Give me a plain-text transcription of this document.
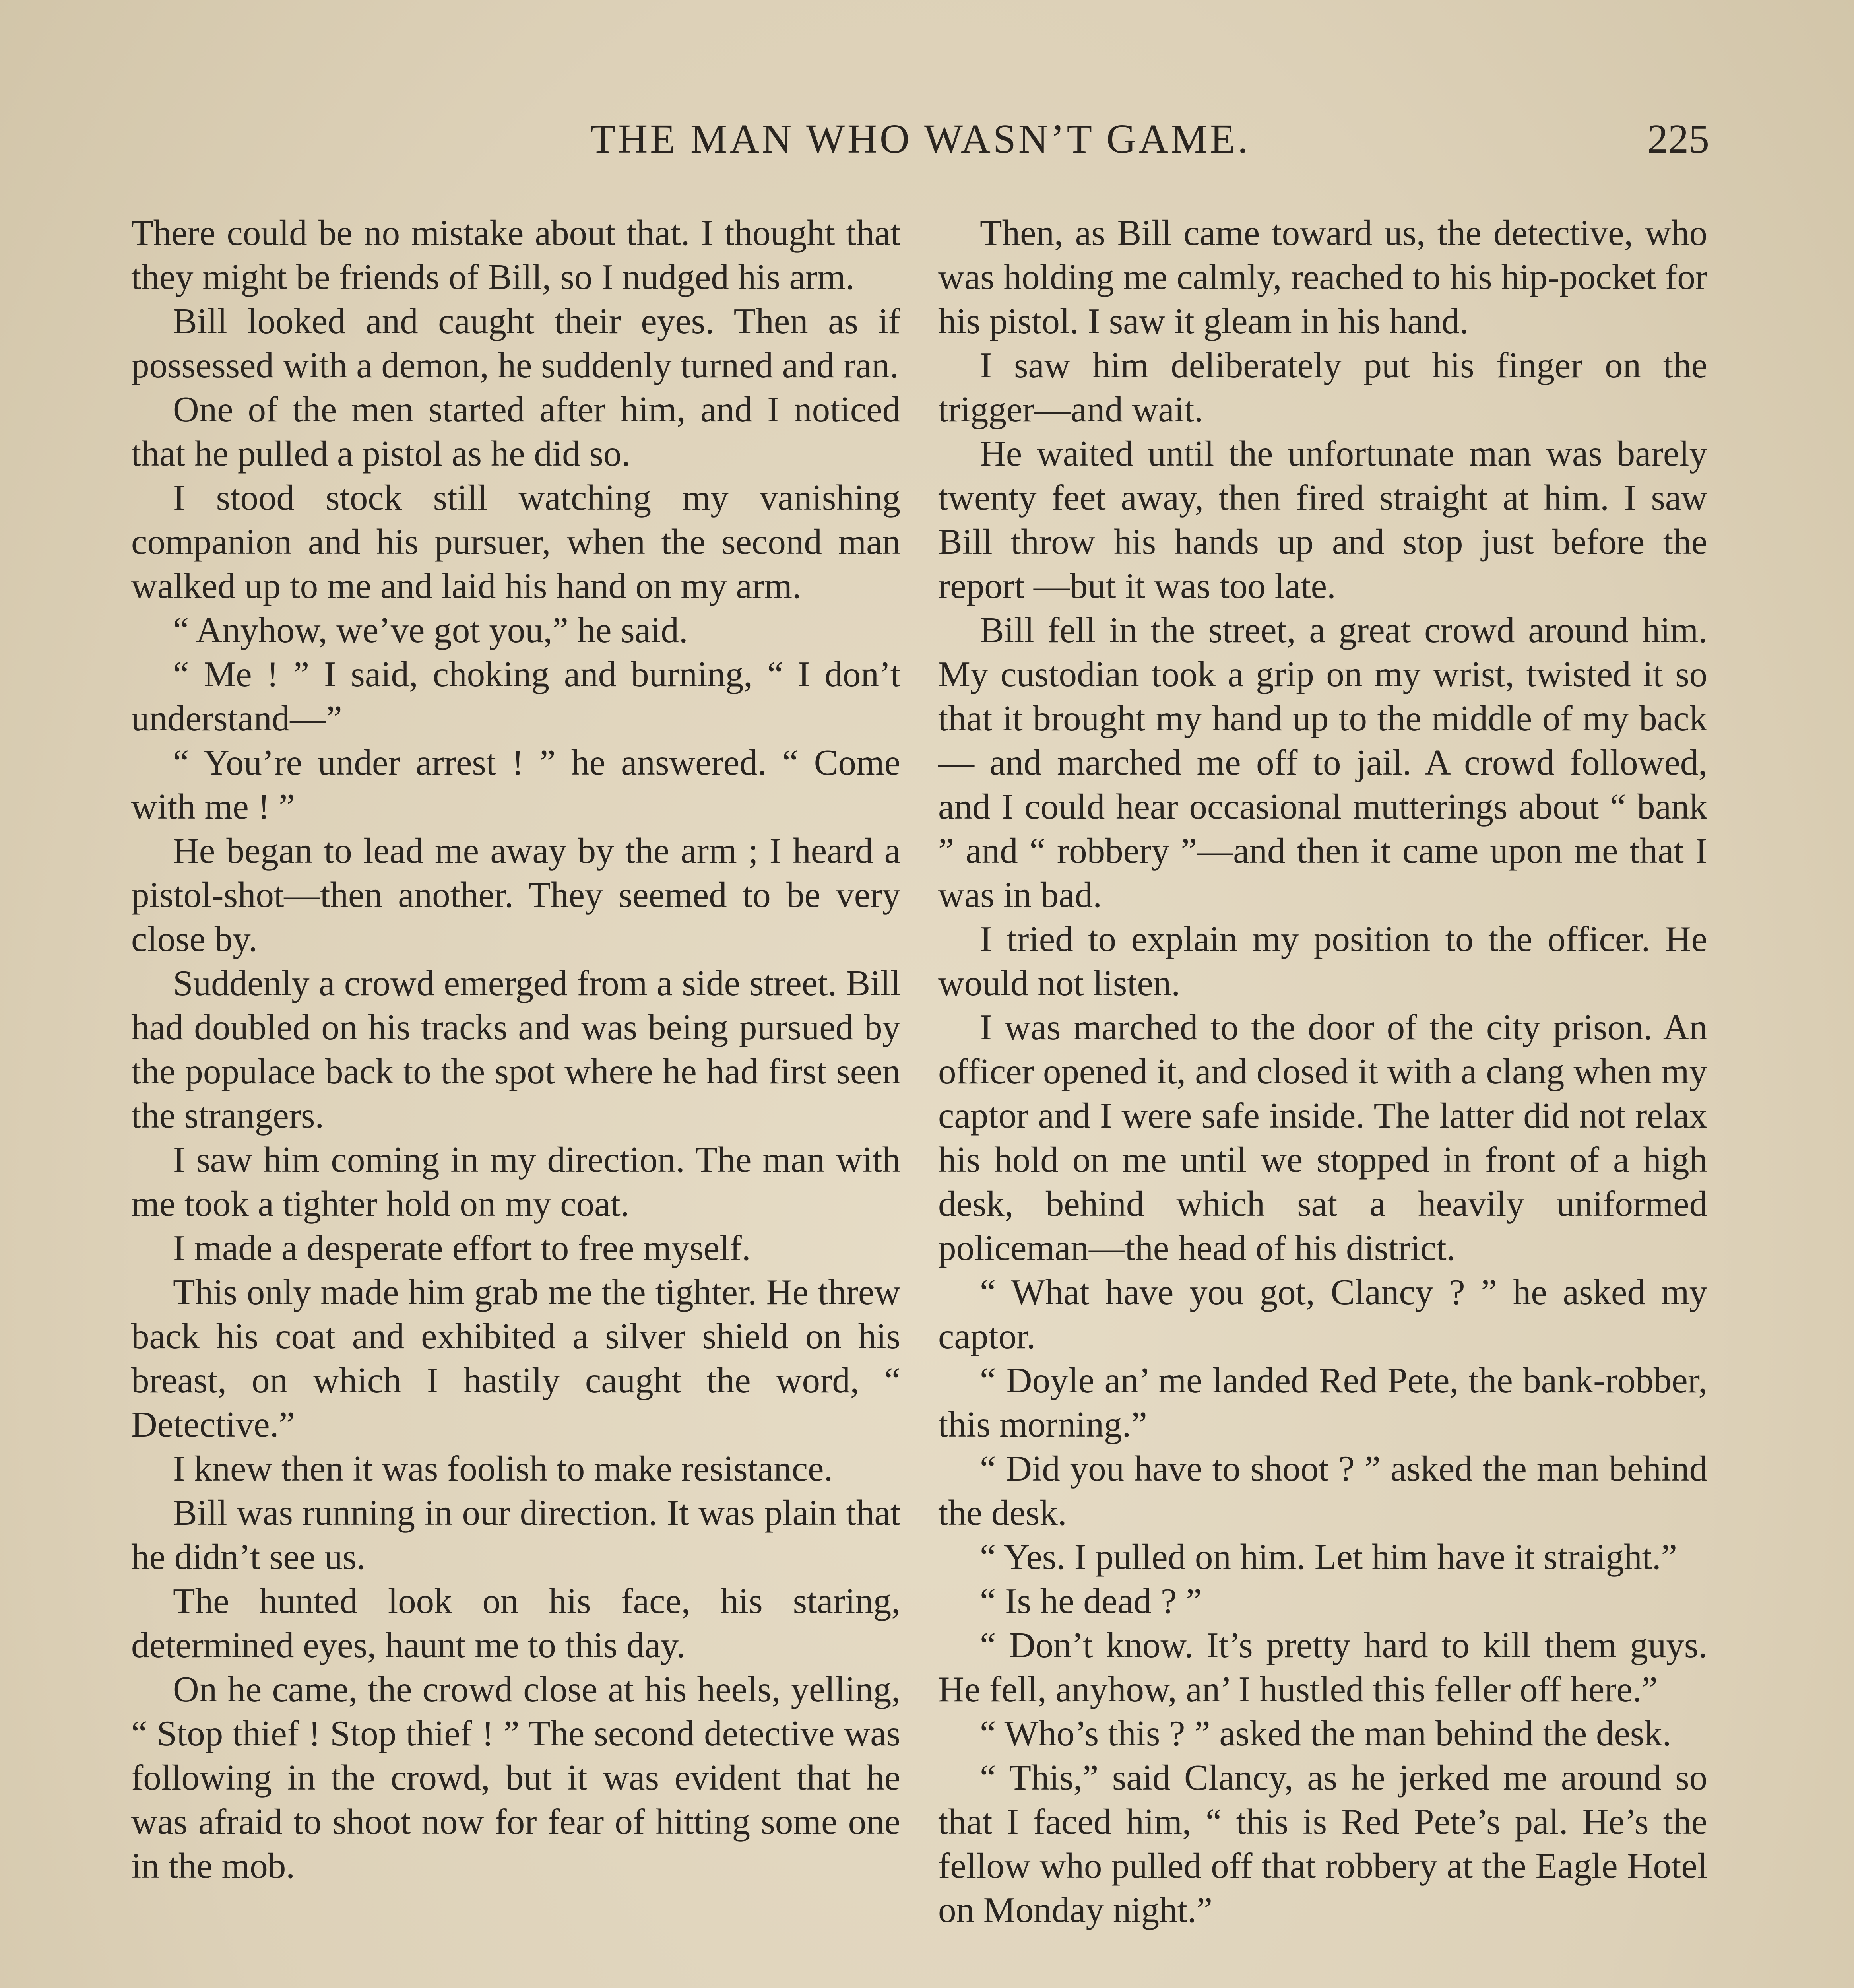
THE MAN WHO WASN’T GAME.	225

There could be no mistake about that. I thought that they might be friends of Bill, so I nudged his arm.

Bill looked and caught their eyes. Then as if possessed with a demon, he suddenly turned and ran.

One of the men started after him, and I noticed that he pulled a pistol as he did so.

I stood stock still watching my vanishing companion and his pursuer, when the second man walked up to me and laid his hand on my arm.

“ Anyhow, we’ve got you,” he said.

“ Me ! ” I said, choking and burning, “ I don’t understand—”

“ You’re under arrest ! ” he answered. “ Come with me ! ”

He began to lead me away by the arm ; I heard a pistol-shot—then another. They seemed to be very close by.

Suddenly a crowd emerged from a side street. Bill had doubled on his tracks and was being pursued by the populace back to the spot where he had first seen the strangers.

I saw him coming in my direction. The man with me took a tighter hold on my coat.

I made a desperate effort to free myself.

This only made him grab me the tighter. He threw back his coat and exhibited a silver shield on his breast, on which I hastily caught the word, “ Detective.”

I knew then it was foolish to make resistance.

Bill was running in our direction. It was plain that he didn’t see us.

The hunted look on his face, his staring, determined eyes, haunt me to this day.

On he came, the crowd close at his heels, yelling, “ Stop thief ! Stop thief ! ” The second detective was following in the crowd, but it was evident that he was afraid to shoot now for fear of hitting some one in the mob.

Then, as Bill came toward us, the detective, who was holding me calmly, reached to his hip-pocket for his pistol. I saw it gleam in his hand.

I saw him deliberately put his finger on the trigger—and wait.

He waited until the unfortunate man was barely twenty feet away, then fired straight at him. I saw Bill throw his hands up and stop just before the report —but it was too late.

Bill fell in the street, a great crowd around him. My custodian took a grip on my wrist, twisted it so that it brought my hand up to the middle of my back— and marched me off to jail. A crowd followed, and I could hear occasional mutterings about “ bank ” and “ robbery ”—and then it came upon me that I was in bad.

I tried to explain my position to the officer. He would not listen.

I was marched to the door of the city prison. An officer opened it, and closed it with a clang when my captor and I were safe inside. The latter did not relax his hold on me until we stopped in front of a high desk, behind which sat a heavily uniformed policeman—the head of his district.

“ What have you got, Clancy ? ” he asked my captor.

“ Doyle an’ me landed Red Pete, the bank-robber, this morning.”

“ Did you have to shoot ? ” asked the man behind the desk.

“ Yes. I pulled on him. Let him have it straight.”

“ Is he dead ? ”

“ Don’t know. It’s pretty hard to kill them guys. He fell, anyhow, an’ I hustled this feller off here.”

“ Who’s this ? ” asked the man behind the desk.

“ This,” said Clancy, as he jerked me around so that I faced him, “ this is Red Pete’s pal. He’s the fellow who pulled off that robbery at the Eagle Hotel on Monday night.”
